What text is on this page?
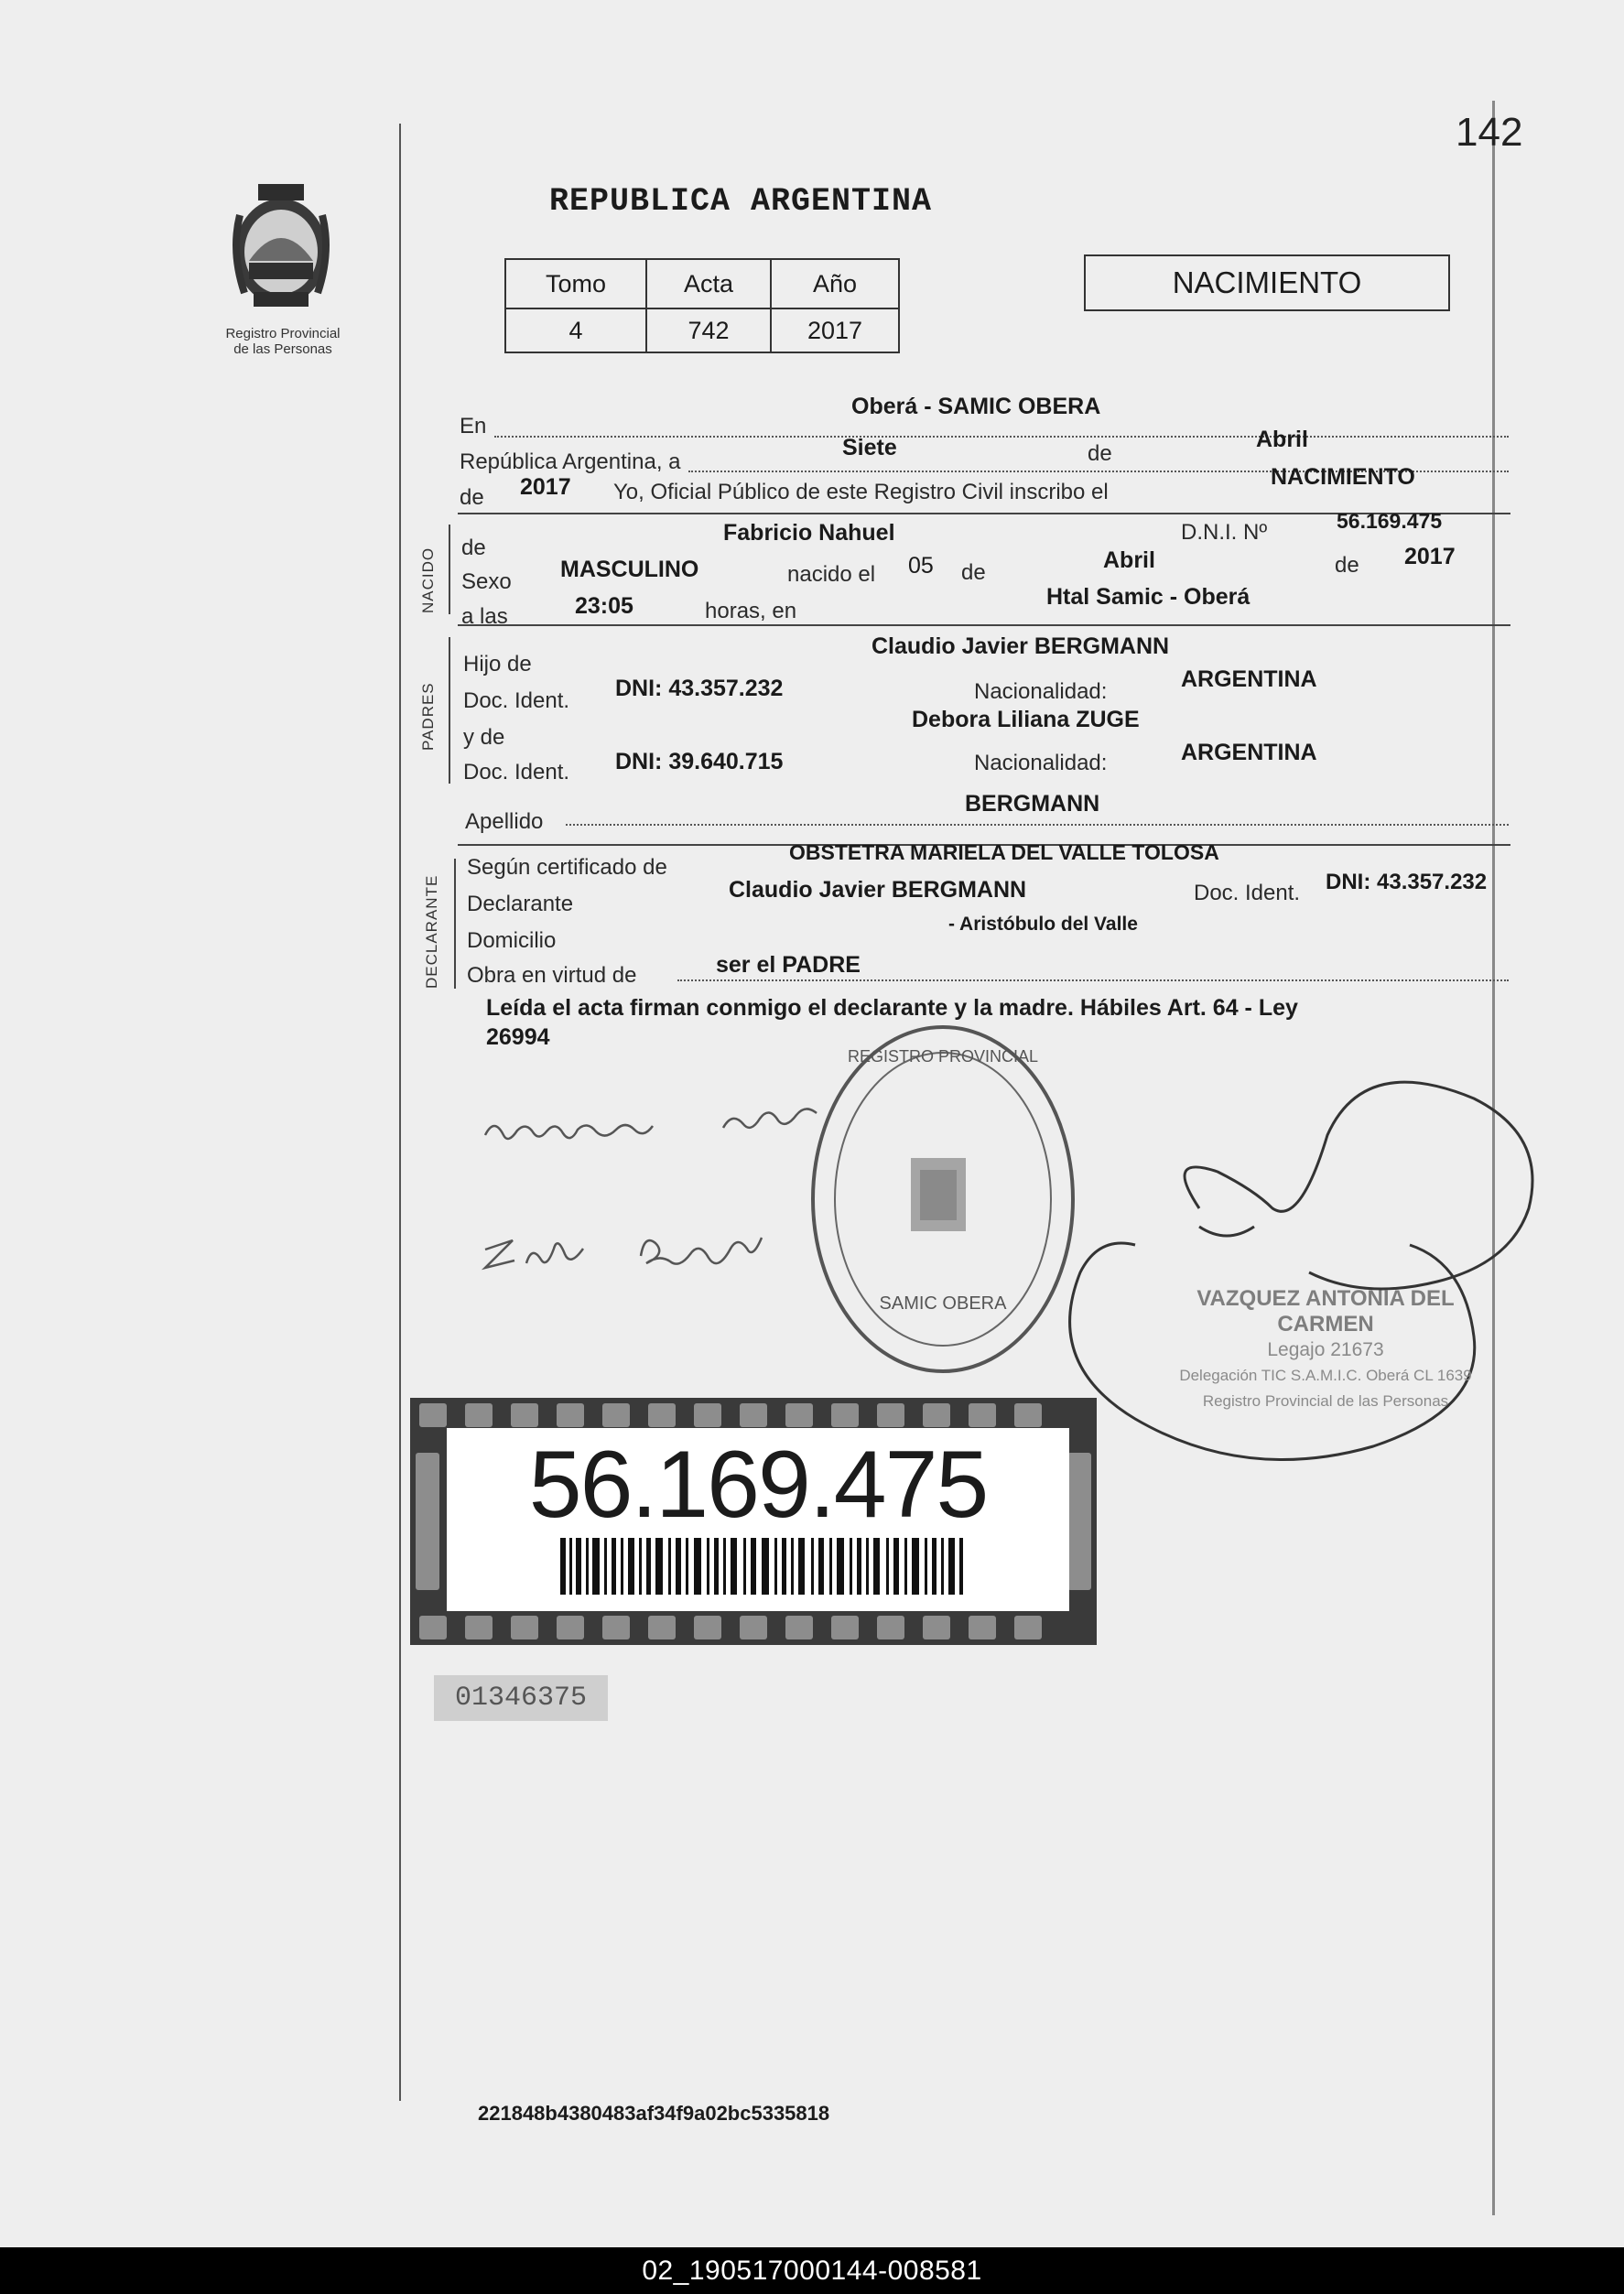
142
Registro Provincial
de las Personas
REPUBLICA ARGENTINA
Tomo	Acta	Año
4	742	2017
NACIMIENTO
En
Oberá - SAMIC OBERA
República Argentina, a
Siete	de
Abril
de 2017 Yo, Oficial Público de este Registro Civil inscribo el
NACIMIENTO
NACIDO de
Fabricio Nahuel	D.N.I. Nº	56.169.475
Sexo MASCULINO	nacido el 05 de	Abril	de 2017
a las	23:05	horas, en
Htal Samic - Oberá
PADRES
Hijo de
Claudio Javier BERGMANN
Doc. Ident. DNI: 43.357.232	Nacionalidad:	ARGENTINA
y de
Debora Liliana ZUGE
Doc. Ident. DNI: 39.640.715	Nacionalidad:	ARGENTINA
Apellido
BERGMANN
DECLARANTE
Según certificado de
OBSTETRA MARIELA DEL VALLE TOLOSA
Declarante
Claudio Javier BERGMANN	Doc. Ident. DNI: 43.357.232
Domicilio
- Aristóbulo del Valle
Obra en virtud de	ser el PADRE
Leída el acta firman conmigo el declarante y la madre. Hábiles Art. 64 - Ley
26994
SAMIC OBERA
REGISTRO PROVINCIAL
VAZQUEZ ANTONIA DEL CARMEN
Legajo 21673
Delegación TIC S.A.M.I.C. Oberá CL 1639
Registro Provincial de las Personas
56.169.475
01346375
221848b4380483af34f9a02bc5335818
02_190517000144-008581
